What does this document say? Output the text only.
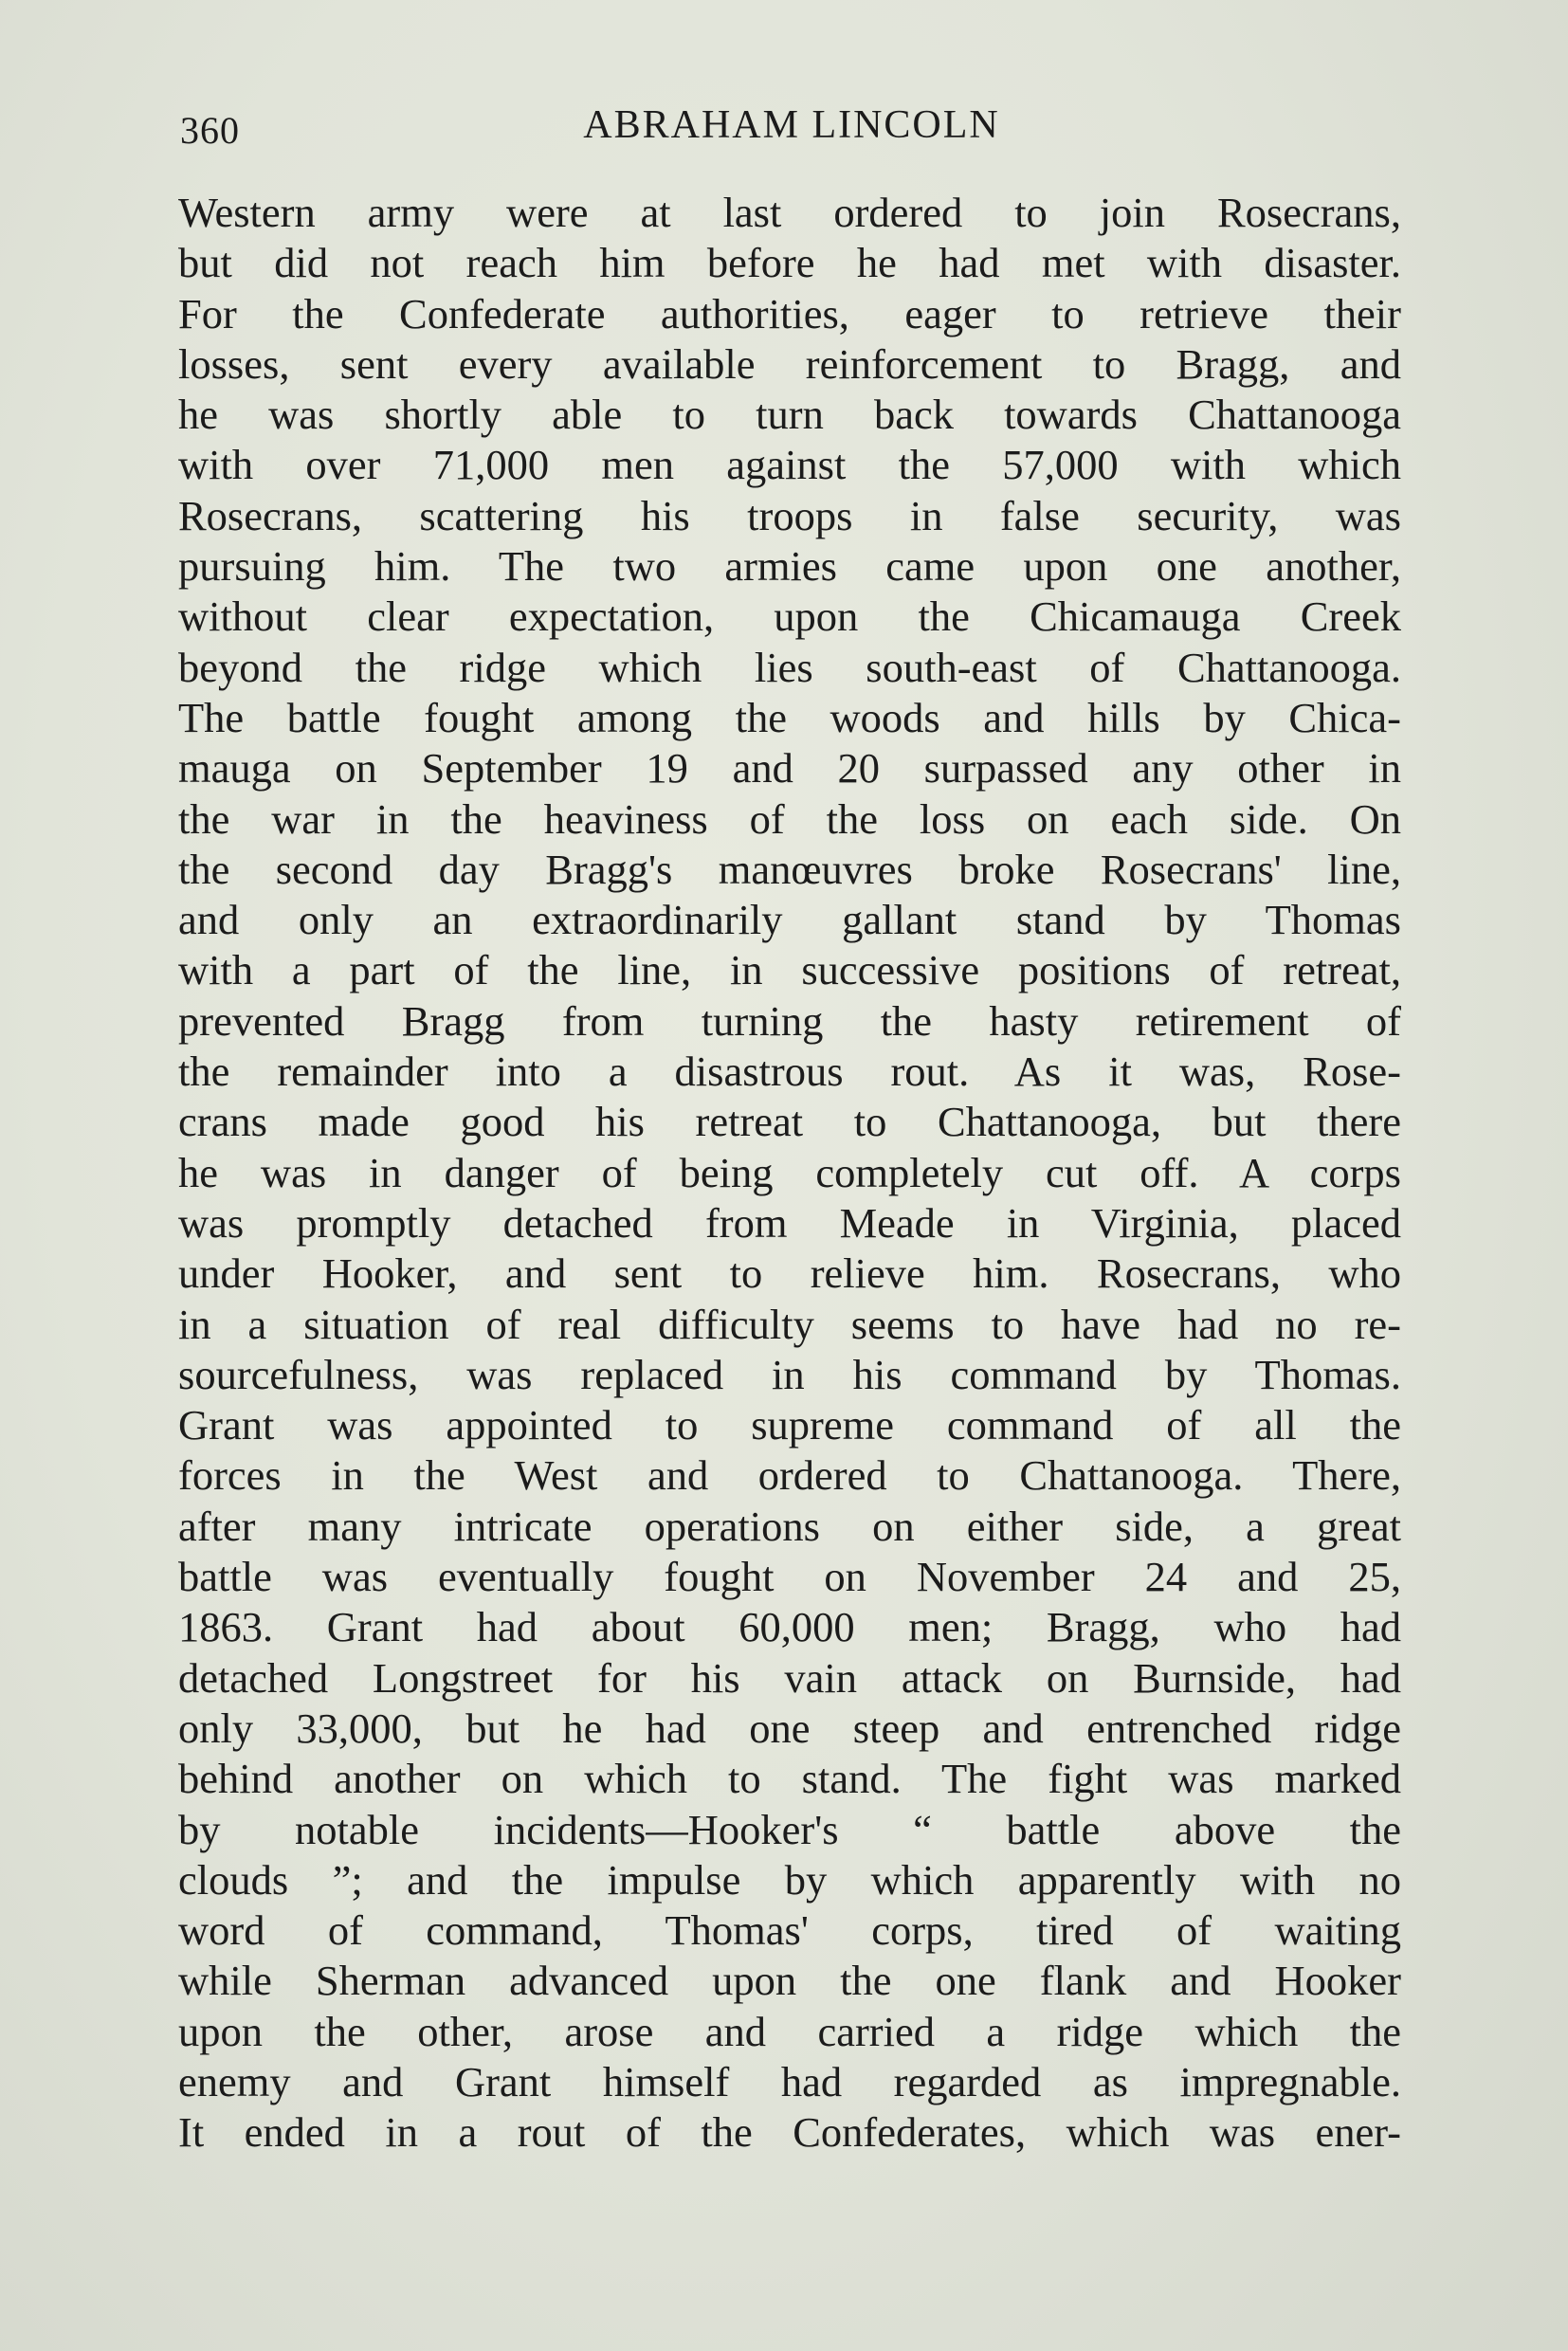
360	ABRAHAM LINCOLN
Western army were at last ordered to join Rosecrans,
but did not reach him before he had met with disaster.
For the Confederate authorities, eager to retrieve their
losses, sent every available reinforcement to Bragg, and
he was shortly able to turn back towards Chattanooga
with over 71,000 men against the 57,000 with which
Rosecrans, scattering his troops in false security, was
pursuing him. The two armies came upon one another,
without clear expectation, upon the Chicamauga Creek
beyond the ridge which lies south-east of Chattanooga.
The battle fought among the woods and hills by Chica-
mauga on September 19 and 20 surpassed any other in
the war in the heaviness of the loss on each side. On
the second day Bragg's manœuvres broke Rosecrans' line,
and only an extraordinarily gallant stand by Thomas
with a part of the line, in successive positions of retreat,
prevented Bragg from turning the hasty retirement of
the remainder into a disastrous rout. As it was, Rose-
crans made good his retreat to Chattanooga, but there
he was in danger of being completely cut off. A corps
was promptly detached from Meade in Virginia, placed
under Hooker, and sent to relieve him. Rosecrans, who
in a situation of real difficulty seems to have had no re-
sourcefulness, was replaced in his command by Thomas.
Grant was appointed to supreme command of all the
forces in the West and ordered to Chattanooga. There,
after many intricate operations on either side, a great
battle was eventually fought on November 24 and 25,
1863. Grant had about 60,000 men; Bragg, who had
detached Longstreet for his vain attack on Burnside, had
only 33,000, but he had one steep and entrenched ridge
behind another on which to stand. The fight was marked
by notable incidents—Hooker's “ battle above the
clouds ”; and the impulse by which apparently with no
word of command, Thomas' corps, tired of waiting
while Sherman advanced upon the one flank and Hooker
upon the other, arose and carried a ridge which the
enemy and Grant himself had regarded as impregnable.
It ended in a rout of the Confederates, which was ener-
